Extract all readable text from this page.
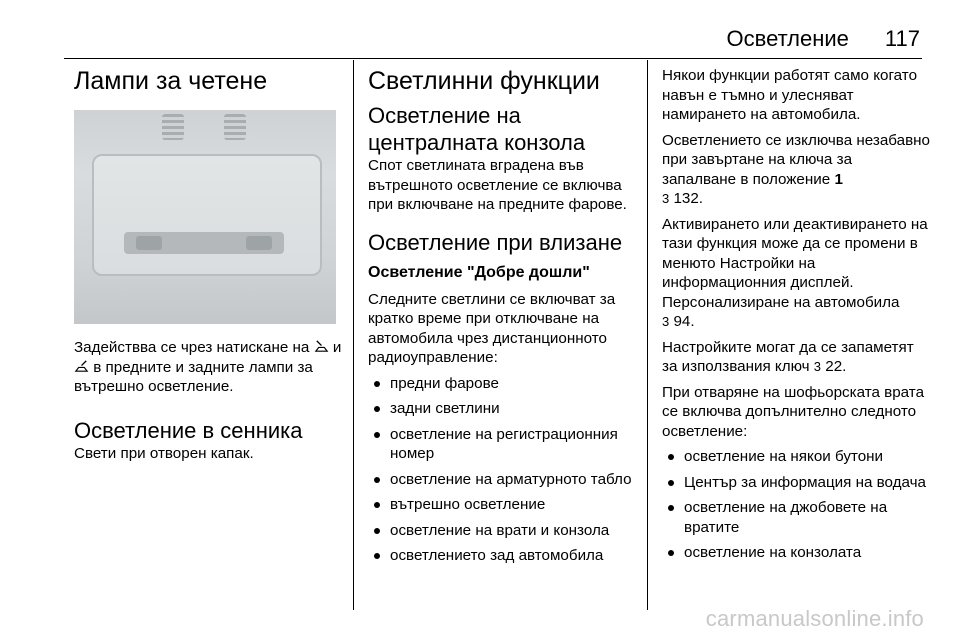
Осветление 117
Лампи за четене

Задействва се чрез натискане на и  в предните и задните лампи за вътрешно осветление.

Осветление в сенника

Свети при отворен капак.

Светлинни функции
Осветление на централната конзола

Спот светлината вградена във вътрешното осветление се включва при включване на предните фарове.

Осветление при влизане
Осветление "Добре дошли"

Следните светлини се включват за кратко време при отключване на автомобила чрез дистанционното радиоуправление:

предни фарове
задни светлини
осветление на регистрационния номер
осветление на арматурното табло
вътрешно осветление
осветление на врати и конзола
осветлението зад автомобила

Някои функции работят само когато навън е тъмно и улесняват намирането на автомобила.

Осветлението се изключва незабавно при завъртане на ключа за запалване в положение 1
3 132.

Активирането или деактивирането на тази функция може да се промени в менюто Настройки на информационния дисплей. Персонализиране на автомобила
3 94.

Настройките могат да се запаметят за използвания ключ 3 22.

При отваряне на шофьорската врата се включва допълнително следното осветление:

осветление на някои бутони
Център за информация на водача
осветление на джобовете на вратите
осветление на конзолата
carmanualsonline.info
